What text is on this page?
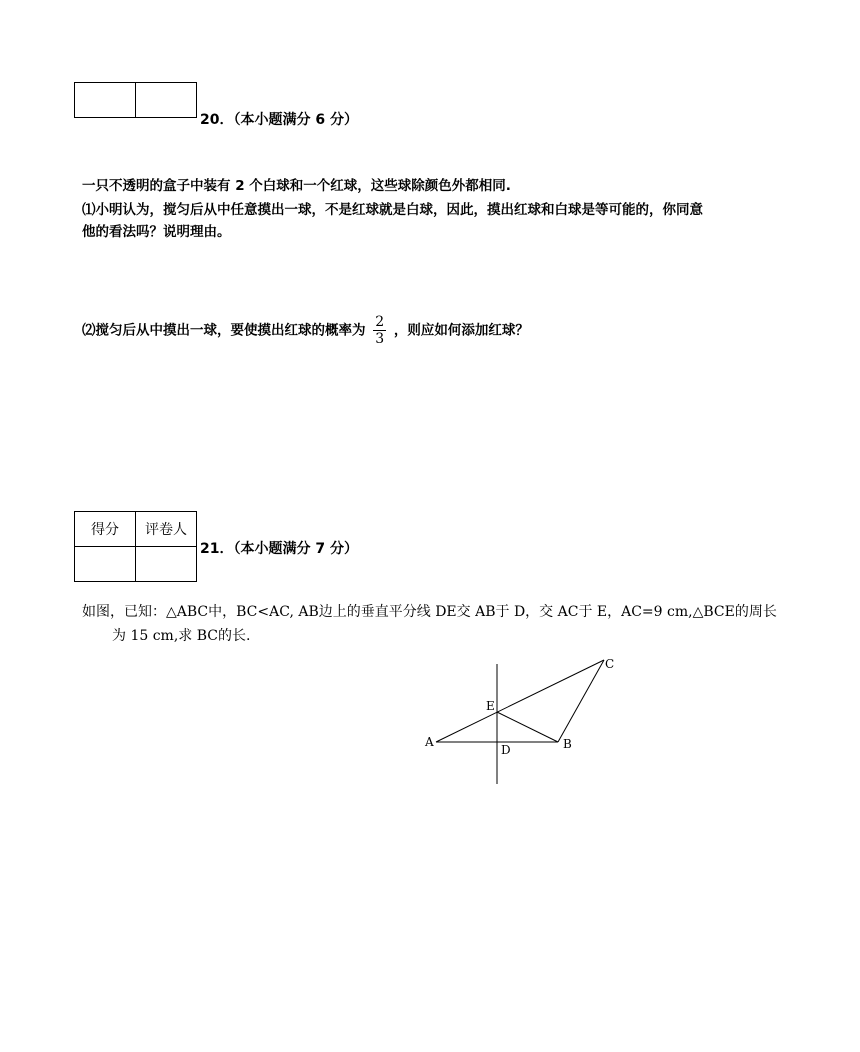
20．（本小题满分 6 分）
一只不透明的盒子中装有 2 个白球和一个红球，这些球除颜色外都相同.
⑴小明认为，搅匀后从中任意摸出一球，不是红球就是白球，因此，摸出红球和白球是等可能的，你同意
他的看法吗？说明理由。
⑵搅匀后从中摸出一球，要使摸出红球的概率为 $\frac{2}{3}$ ，则应如何添加红球？
得分	评卷人

21．（本小题满分 7 分）
如图，已知：△ABC中，BC<AC, AB边上的垂直平分线 DE交 AB于 D，交 AC于 E，AC=9 cm,△BCE的周长
为 15 cm,求 BC的长.
A	B
C
D
E
